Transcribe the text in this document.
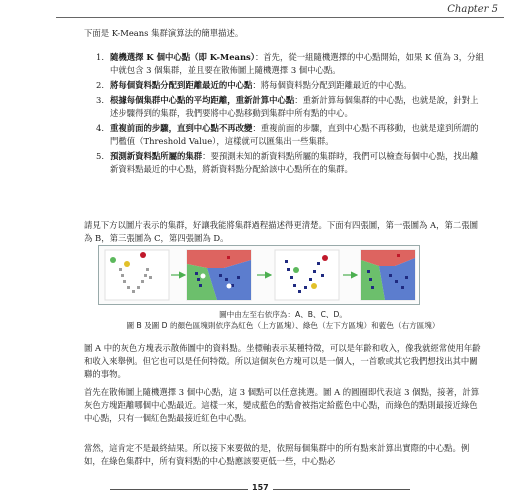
Chapter 5
下面是 K-Means 集群演算法的簡單描述。
1. 隨機選擇 K 個中心點（即 K-Means）：首先，從一組隨機選擇的中心點開始，如果 K 值為 3，分組中就包含 3 個集群，並且要在散佈圖上隨機選擇 3 個中心點。
2. 將每個資料點分配到距離最近的中心點：將每個資料點分配到距離最近的中心點。
3. 根據每個集群中心點的平均距離，重新計算中心點：重新計算每個集群的中心點，也就是說，針對上述步驟得到的集群，我們要將中心點移動到集群中所有點的中心。
4. 重複前面的步驟，直到中心點不再改變：重複前面的步驟，直到中心點不再移動，也就是達到所謂的門檻值（Threshold Value），這樣就可以匯集出一些集群。
5. 預測新資料點所屬的集群：要預測未知的新資料點所屬的集群時，我們可以檢查每個中心點，找出離新資料點最近的中心點，將新資料點分配給該中心點所在的集群。
請見下方以圖片表示的集群，好讓我能將集群過程描述得更清楚。下面有四張圖，第一張圖為 A，第二張圖為 B，第三張圖為 C，第四張圖為 D。
圖中由左至右依序為：A、B、C、D。
圖 B 及圖 D 的顏色區塊則依序為紅色（上方區塊）、綠色（左下方區塊）和藍色（右方區塊）
圖 A 中的灰色方塊表示散佈圖中的資料點。坐標軸表示某種特徵，可以是年齡和收入，像我就經常使用年齡和收入來舉例。但它也可以是任何特徵。所以這個灰色方塊可以是一個人，一首歌或其它我們想找出其中關聯的事物。
首先在散佈圖上隨機選擇 3 個中心點，這 3 個點可以任意挑選。圖 A 的圓圈即代表這 3 個點，接著，計算灰色方塊距離哪個中心點最近。這樣一來，變成藍色的點會被指定給藍色中心點，而綠色的點則最接近綠色中心點，只有一個紅色點最接近紅色中心點。
當然，這肯定不是最終結果。所以接下來要做的是，依照每個集群中的所有點來計算出實際的中心點。例如，在綠色集群中，所有資料點的中心點應該要更低一些，中心點必
157
